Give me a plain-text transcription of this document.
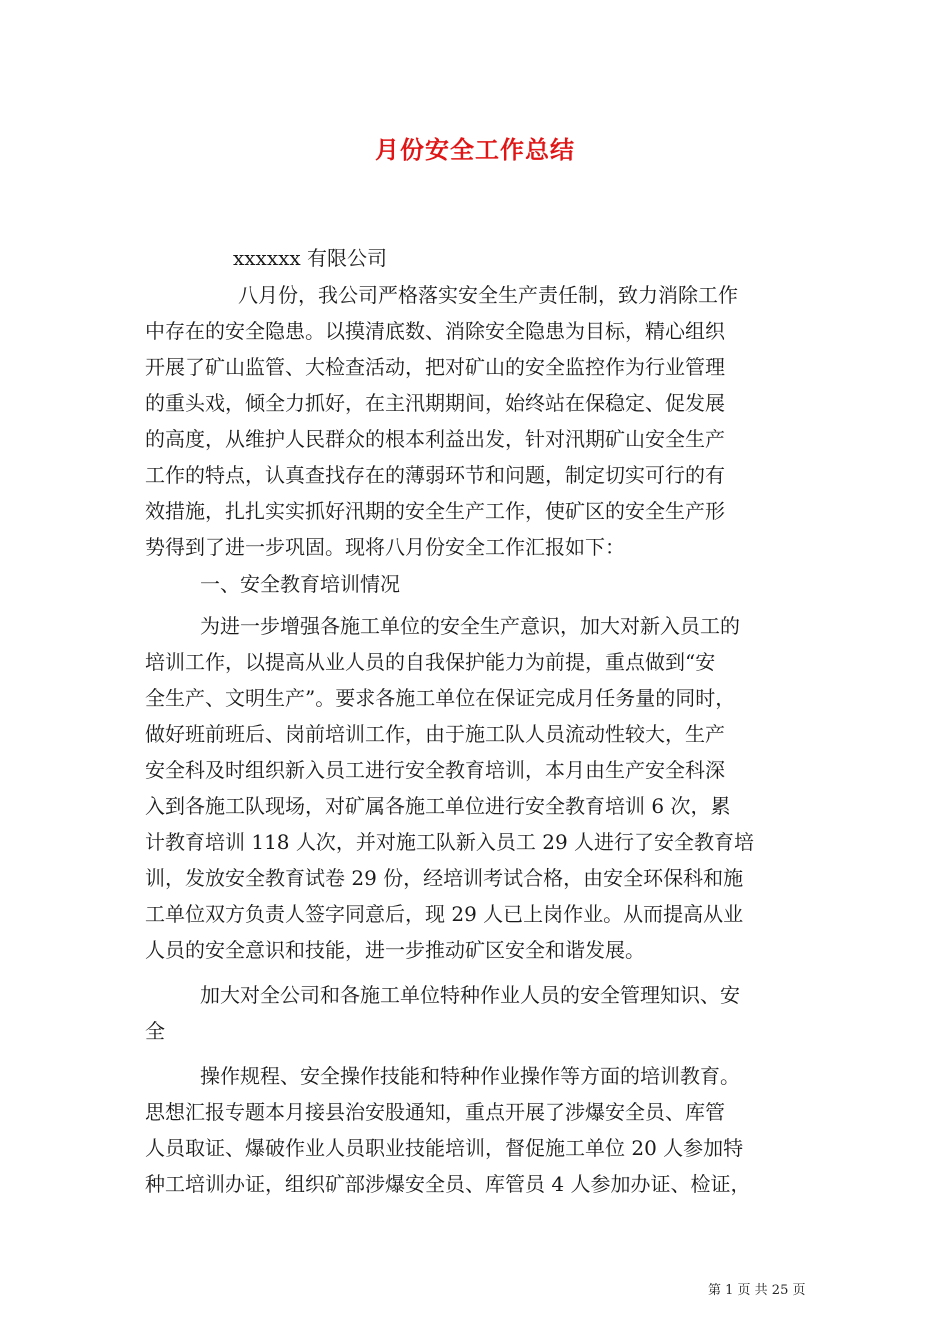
月份安全工作总结
xxxxxx 有限公司
八月份，我公司严格落实安全生产责任制，致力消除工作
中存在的安全隐患。以摸清底数、消除安全隐患为目标，精心组织
开展了矿山监管、大检查活动，把对矿山的安全监控作为行业管理
的重头戏，倾全力抓好，在主汛期期间，始终站在保稳定、促发展
的高度，从维护人民群众的根本利益出发，针对汛期矿山安全生产
工作的特点，认真查找存在的薄弱环节和问题，制定切实可行的有
效措施，扎扎实实抓好汛期的安全生产工作，使矿区的安全生产形
势得到了进一步巩固。现将八月份安全工作汇报如下：
一、安全教育培训情况
为进一步增强各施工单位的安全生产意识，加大对新入员工的
培训工作，以提高从业人员的自我保护能力为前提，重点做到“安
全生产、文明生产”。要求各施工单位在保证完成月任务量的同时，
做好班前班后、岗前培训工作，由于施工队人员流动性较大，生产
安全科及时组织新入员工进行安全教育培训，本月由生产安全科深
入到各施工队现场，对矿属各施工单位进行安全教育培训 6 次，累
计教育培训 118 人次，并对施工队新入员工 29 人进行了安全教育培
训，发放安全教育试卷 29 份，经培训考试合格，由安全环保科和施
工单位双方负责人签字同意后，现 29 人已上岗作业。从而提高从业
人员的安全意识和技能，进一步推动矿区安全和谐发展。
加大对全公司和各施工单位特种作业人员的安全管理知识、安
全
操作规程、安全操作技能和特种作业操作等方面的培训教育。
思想汇报专题本月接县治安股通知，重点开展了涉爆安全员、库管
人员取证、爆破作业人员职业技能培训，督促施工单位 20 人参加特
种工培训办证，组织矿部涉爆安全员、库管员 4 人参加办证、检证，
第 1 页 共 25 页
